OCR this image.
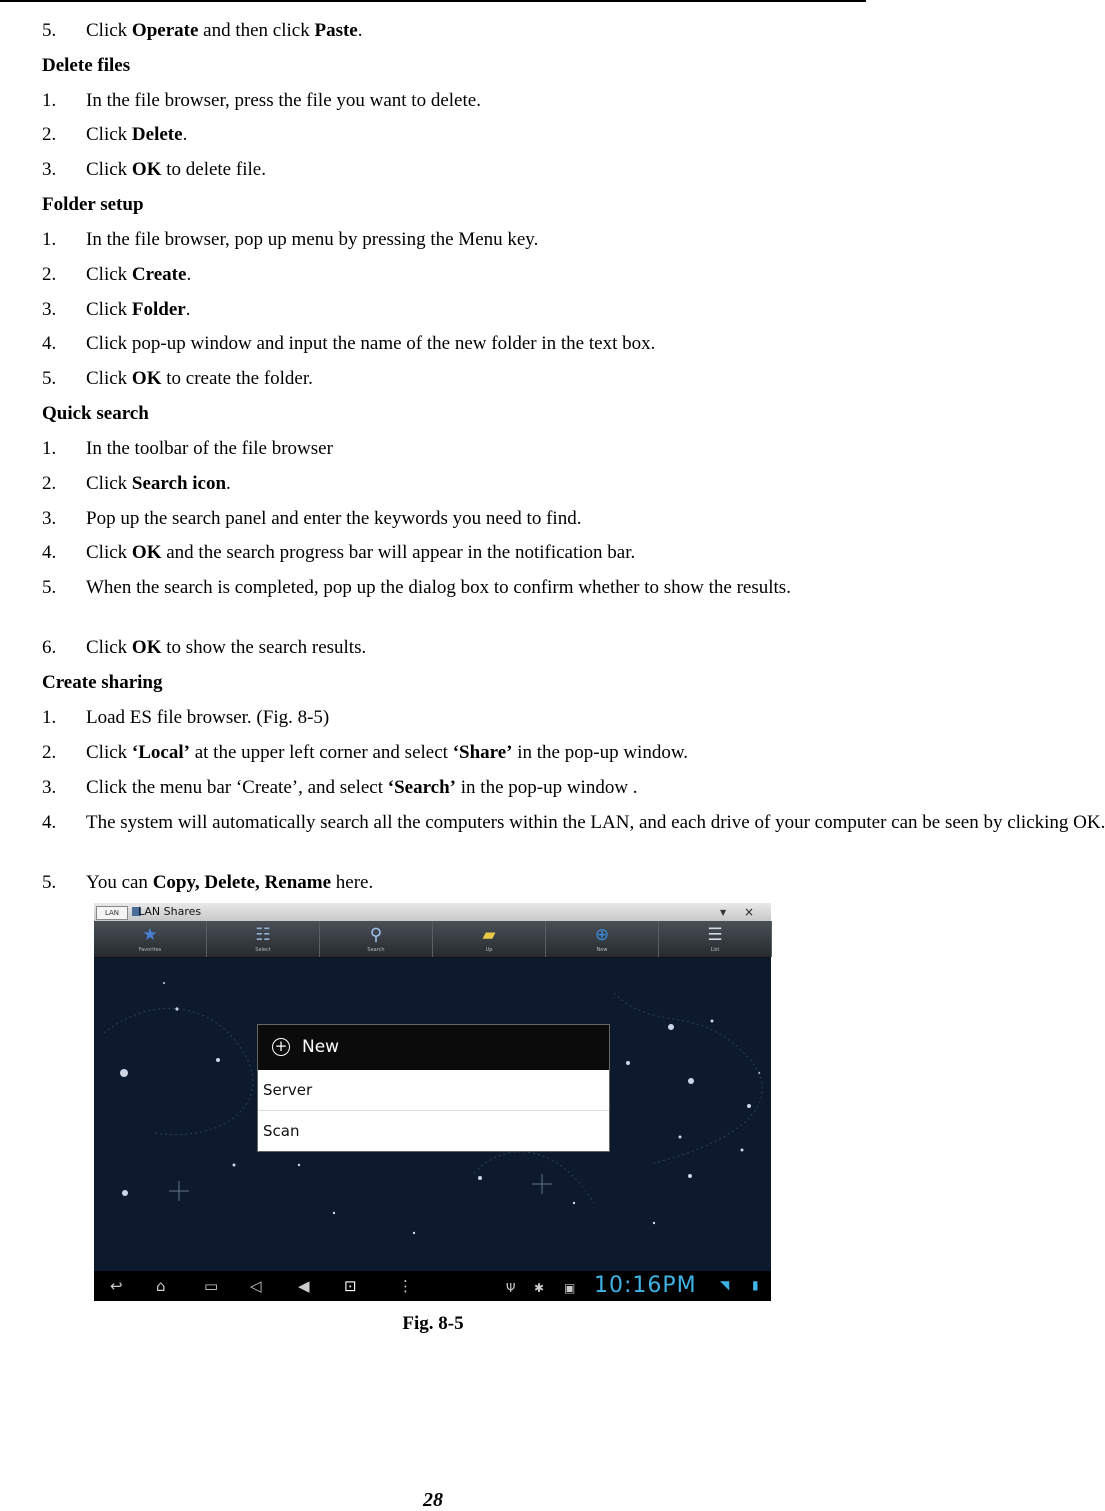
5. Click Operate and then click Paste.
Delete files
1. In the file browser, press the file you want to delete.
2. Click Delete.
3. Click OK to delete file.
Folder setup
1. In the file browser, pop up menu by pressing the Menu key.
2. Click Create.
3. Click Folder.
4. Click pop-up window and input the name of the new folder in the text box.
5. Click OK to create the folder.
Quick search
1. In the toolbar of the file browser
2. Click Search icon.
3. Pop up the search panel and enter the keywords you need to find.
4. Click OK and the search progress bar will appear in the notification bar.
5. When the search is completed, pop up the dialog box to confirm whether to show the results.
6. Click OK to show the search results.
Create sharing
1. Load ES file browser. (Fig. 8-5)
2. Click ‘Local’ at the upper left corner and select ‘Share’ in the pop-up window.
3. Click the menu bar ‘Create’, and select ‘Search’ in the pop-up window .
4. The system will automatically search all the computers within the LAN, and each drive of your computer can be seen by clicking OK.
5. You can Copy, Delete, Rename here.
LAN	LAN Shares	▼ ×
★
Favorites
☷
Select
⚲
Search
▰
Up
⊕
New
☰
List
+ New
Server
Scan
↩ ⌂	▭ ◁ ◀ ⊡	⋮	Ψ ✱ ▣ 10:16PM ◥ ▮
Fig. 8-5
28
